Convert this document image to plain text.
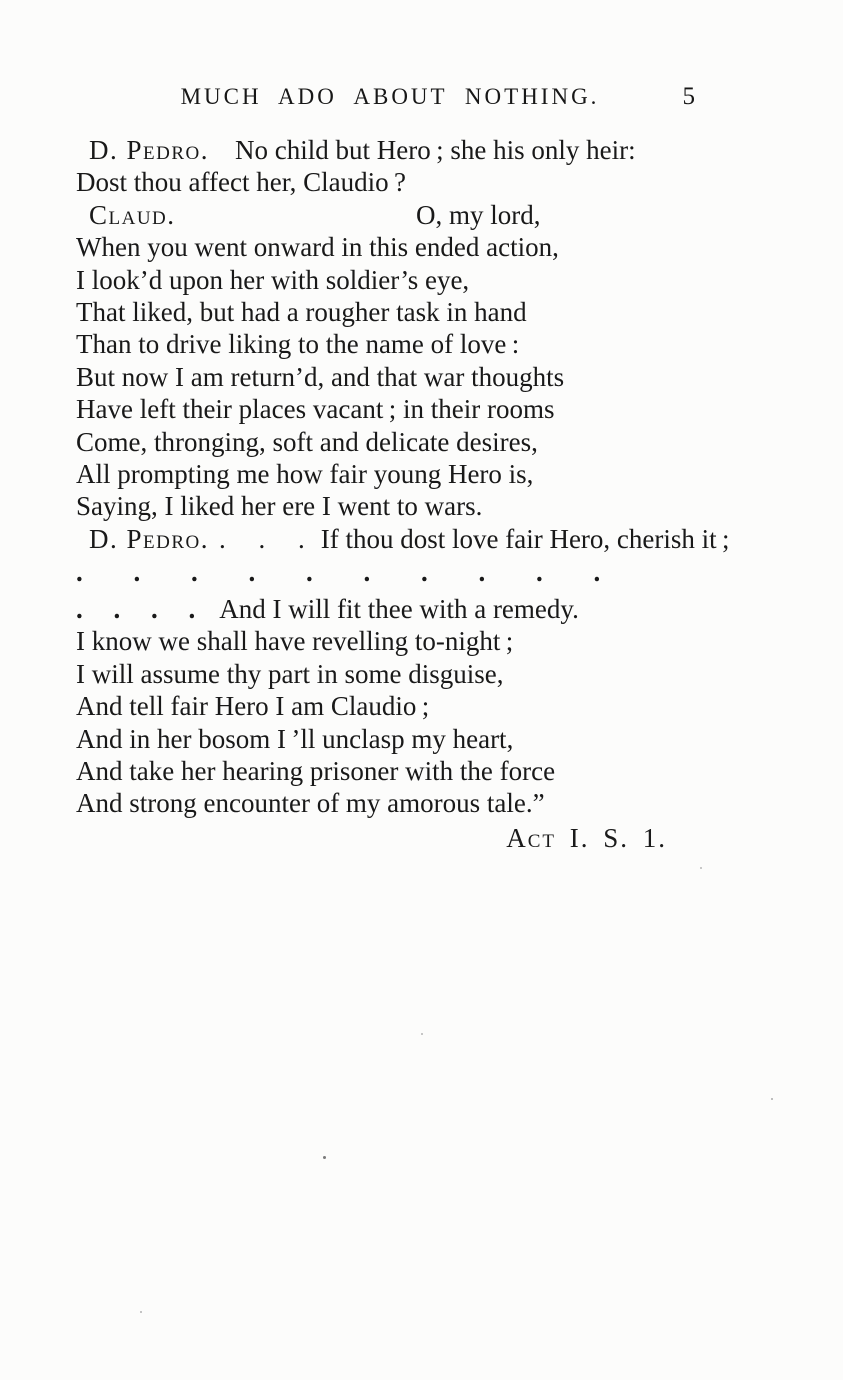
MUCH ADO ABOUT NOTHING.	5
D. Pedro. No child but Hero ; she his only heir:
Dost thou affect her, Claudio ?
Claud.	O, my lord,
When you went onward in this ended action,
I look’d upon her with soldier’s eye,
That liked, but had a rougher task in hand
Than to drive liking to the name of love :
But now I am return’d, and that war thoughts
Have left their places vacant ; in their rooms
Come, thronging, soft and delicate desires,
All prompting me how fair young Hero is,
Saying, I liked her ere I went to wars.
D. Pedro. . . . If thou dost love fair Hero, cherish it ;
. . . . . . . . . .
. . . . And I will fit thee with a remedy.
I know we shall have revelling to-night ;
I will assume thy part in some disguise,
And tell fair Hero I am Claudio ;
And in her bosom I ’ll unclasp my heart,
And take her hearing prisoner with the force
And strong encounter of my amorous tale.”
Act I. S. 1.
